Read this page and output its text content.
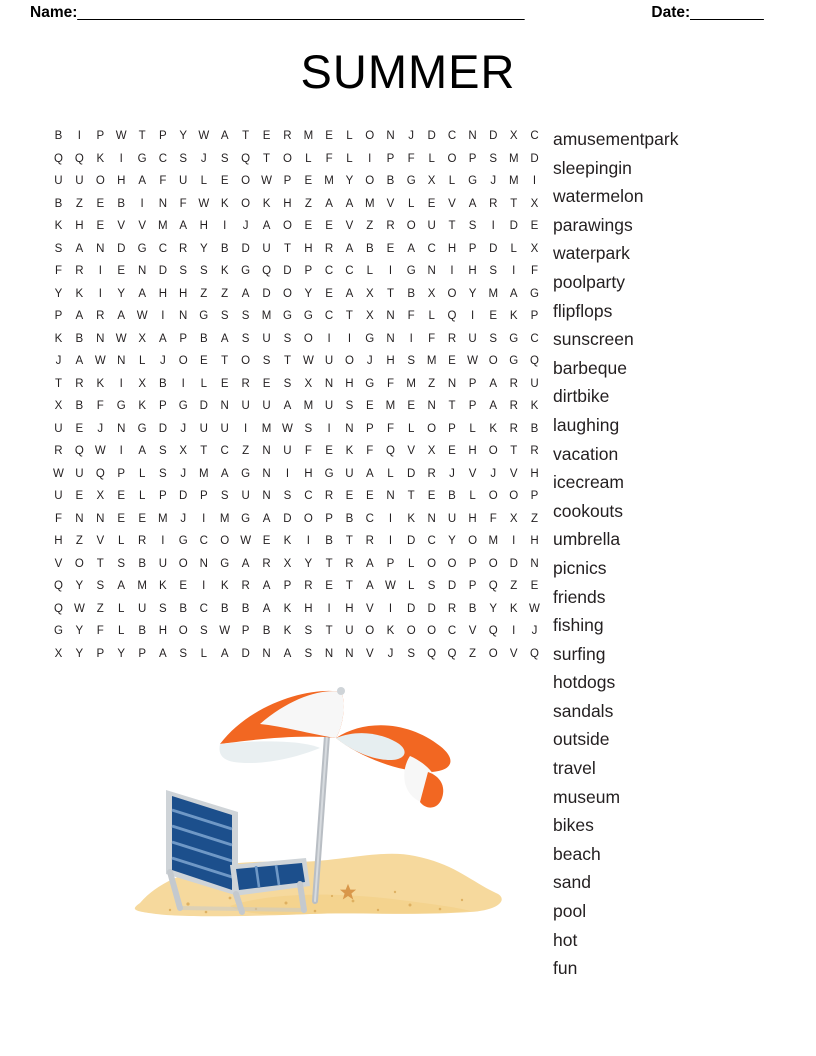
Name: _______________________________________________________	Date: _________
SUMMER
B	I	P	W	T	P	Y	W	A	T	E	R	M	E	L	O	N	J	D	C	N	D	X	C
Q	Q	K	I	G	C	S	J	S	Q	T	O	L	F	L	I	P	F	L	O	P	S	M	D
U	U	O	H	A	F	U	L	E	O	W	P	E	M	Y	O	B	G	X	L	G	J	M	I
B	Z	E	B	I	N	F	W	K	O	K	H	Z	A	A	M	V	L	E	V	A	R	T	X
K	H	E	V	V	M	A	H	I	J	A	O	E	E	V	Z	R	O	U	T	S	I	D	E
S	A	N	D	G	C	R	Y	B	D	U	T	H	R	A	B	E	A	C	H	P	D	L	X
F	R	I	E	N	D	S	S	K	G	Q	D	P	C	C	L	I	G	N	I	H	S	I	F
Y	K	I	Y	A	H	H	Z	Z	A	D	O	Y	E	A	X	T	B	X	O	Y	M	A	G
P	A	R	A	W	I	N	G	S	S	M	G	G	C	T	X	N	F	L	Q	I	E	K	P
K	B	N	W	X	A	P	B	A	S	U	S	O	I	I	G	N	I	F	R	U	S	G	C
J	A	W	N	L	J	O	E	T	O	S	T	W	U	O	J	H	S	M	E	W	O	G	Q
T	R	K	I	X	B	I	L	E	R	E	S	X	N	H	G	F	M	Z	N	P	A	R	U
X	B	F	G	K	P	G	D	N	U	U	A	M	U	S	E	M	E	N	T	P	A	R	K
U	E	J	N	G	D	J	U	U	I	M	W	S	I	N	P	F	L	O	P	L	K	R	B
R	Q	W	I	A	S	X	T	C	Z	N	U	F	E	K	F	Q	V	X	E	H	O	T	R
W	U	Q	P	L	S	J	M	A	G	N	I	H	G	U	A	L	D	R	J	V	J	V	H
U	E	X	E	L	P	D	P	S	U	N	S	C	R	E	E	N	T	E	B	L	O	O	P
F	N	N	E	E	M	J	I	M	G	A	D	O	P	B	C	I	K	N	U	H	F	X	Z
H	Z	V	L	R	I	G	C	O	W	E	K	I	B	T	R	I	D	C	Y	O	M	I	H
V	O	T	S	B	U	O	N	G	A	R	X	Y	T	R	A	P	L	O	O	P	O	D	N
Q	Y	S	A	M	K	E	I	K	R	A	P	R	E	T	A	W	L	S	D	P	Q	Z	E
Q	W	Z	L	U	S	B	C	B	B	A	K	H	I	H	V	I	D	D	R	B	Y	K	W
G	Y	F	L	B	H	O	S	W	P	B	K	S	T	U	O	K	O	O	C	V	Q	I	J
X	Y	P	Y	P	A	S	L	A	D	N	A	S	N	N	V	J	S	Q	Q	Z	O	V	Q
amusementpark
sleepingin
watermelon
parawings
waterpark
poolparty
flipflops
sunscreen
barbeque
dirtbike
laughing
vacation
icecream
cookouts
umbrella
picnics
friends
fishing
surfing
hotdogs
sandals
outside
travel
museum
bikes
beach
sand
pool
hot
fun
